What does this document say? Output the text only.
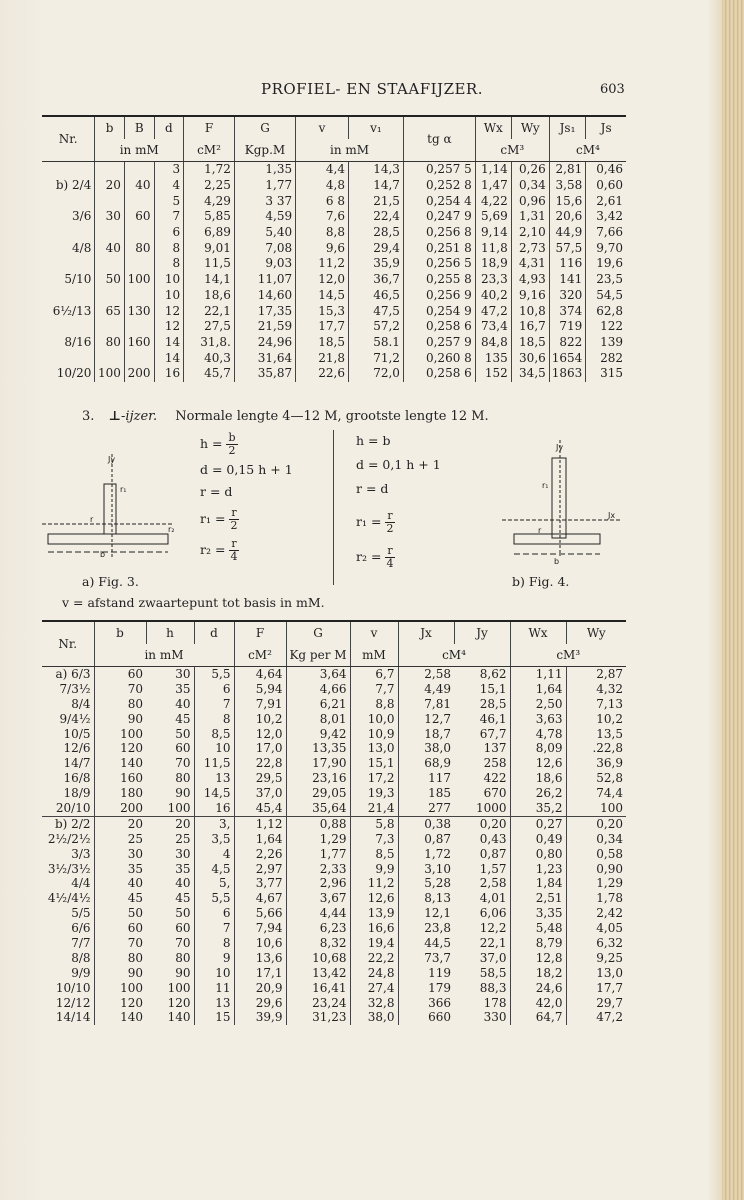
PROFIEL- EN STAAFIJZER.	603
Nr.	b	B	d	F	G	v	v₁	tg α	Wx	Wy	Js₁	Js
	in mM			cM²	Kgp.M	in mM			cM³		cM⁴	
			3	1,72	1,35	4,4	14,3	0,257 5	1,14	0,26	2,81	0,46
b) 2/4	20	40	4	2,25	1,77	4,8	14,7	0,252 8	1,47	0,34	3,58	0,60
			5	4,29	3 37	6 8	21,5	0,254 4	4,22	0,96	15,6	2,61
3/6	30	60	7	5,85	4,59	7,6	22,4	0,247 9	5,69	1,31	20,6	3,42
			6	6,89	5,40	8,8	28,5	0,256 8	9,14	2,10	44,9	7,66
4/8	40	80	8	9,01	7,08	9,6	29,4	0,251 8	11,8	2,73	57,5	9,70
			8	11,5	9,03	11,2	35,9	0,256 5	18,9	4,31	116	19,6
5/10	50	100	10	14,1	11,07	12,0	36,7	0,255 8	23,3	4,93	141	23,5
			10	18,6	14,60	14,5	46,5	0,256 9	40,2	9,16	320	54,5
6½/13	65	130	12	22,1	17,35	15,3	47,5	0,254 9	47,2	10,8	374	62,8
			12	27,5	21,59	17,7	57,2	0,258 6	73,4	16,7	719	122
8/16	80	160	14	31,8.	24,96	18,5	58.1	0,257 9	84,8	18,5	822	139
			14	40,3	31,64	21,8	71,2	0,260 8	135	30,6	1654	282
10/20	100	200	16	45,7	35,87	22,6	72,0	0,258 6	152	34,5	1863	315
3. ⊥-ijzer. Normale lengte 4—12 M, grootste lengte 12 M.
$h = \frac{b}{2}$
d = 0,15 h + 1
r = d
$r_1 = \frac{r}{2}$
$r_2 = \frac{r}{4}$
h = b
d = 0,1 h + 1
r = d
$r_1 = \frac{r}{2}$
$r_2 = \frac{r}{4}$
Jy
b
r
r₁
r₂
Jy
Jx
b
r
r₁
a) Fig. 3.	b) Fig. 4.
v = afstand zwaartepunt tot basis in mM.
Nr.	b	h	d	F	G	v	Jx	Jy	Wx	Wy
	in mM			cM²	Kg per M	mM	cM⁴		cM³	
a) 6/3	60	30	5,5	4,64	3,64	6,7	2,58	8,62	1,11	2,87
7/3½	70	35	6	5,94	4,66	7,7	4,49	15,1	1,64	4,32
8/4	80	40	7	7,91	6,21	8,8	7,81	28,5	2,50	7,13
9/4½	90	45	8	10,2	8,01	10,0	12,7	46,1	3,63	10,2
10/5	100	50	8,5	12,0	9,42	10,9	18,7	67,7	4,78	13,5
12/6	120	60	10	17,0	13,35	13,0	38,0	137	8,09	.22,8
14/7	140	70	11,5	22,8	17,90	15,1	68,9	258	12,6	36,9
16/8	160	80	13	29,5	23,16	17,2	117	422	18,6	52,8
18/9	180	90	14,5	37,0	29,05	19,3	185	670	26,2	74,4
20/10	200	100	16	45,4	35,64	21,4	277	1000	35,2	100
b) 2/2	20	20	3,	1,12	0,88	5,8	0,38	0,20	0,27	0,20
2½/2½	25	25	3,5	1,64	1,29	7,3	0,87	0,43	0,49	0,34
3/3	30	30	4	2,26	1,77	8,5	1,72	0,87	0,80	0,58
3½/3½	35	35	4,5	2,97	2,33	9,9	3,10	1,57	1,23	0,90
4/4	40	40	5,	3,77	2,96	11,2	5,28	2,58	1,84	1,29
4½/4½	45	45	5,5	4,67	3,67	12,6	8,13	4,01	2,51	1,78
5/5	50	50	6	5,66	4,44	13,9	12,1	6,06	3,35	2,42
6/6	60	60	7	7,94	6,23	16,6	23,8	12,2	5,48	4,05
7/7	70	70	8	10,6	8,32	19,4	44,5	22,1	8,79	6,32
8/8	80	80	9	13,6	10,68	22,2	73,7	37,0	12,8	9,25
9/9	90	90	10	17,1	13,42	24,8	119	58,5	18,2	13,0
10/10	100	100	11	20,9	16,41	27,4	179	88,3	24,6	17,7
12/12	120	120	13	29,6	23,24	32,8	366	178	42,0	29,7
14/14	140	140	15	39,9	31,23	38,0	660	330	64,7	47,2
